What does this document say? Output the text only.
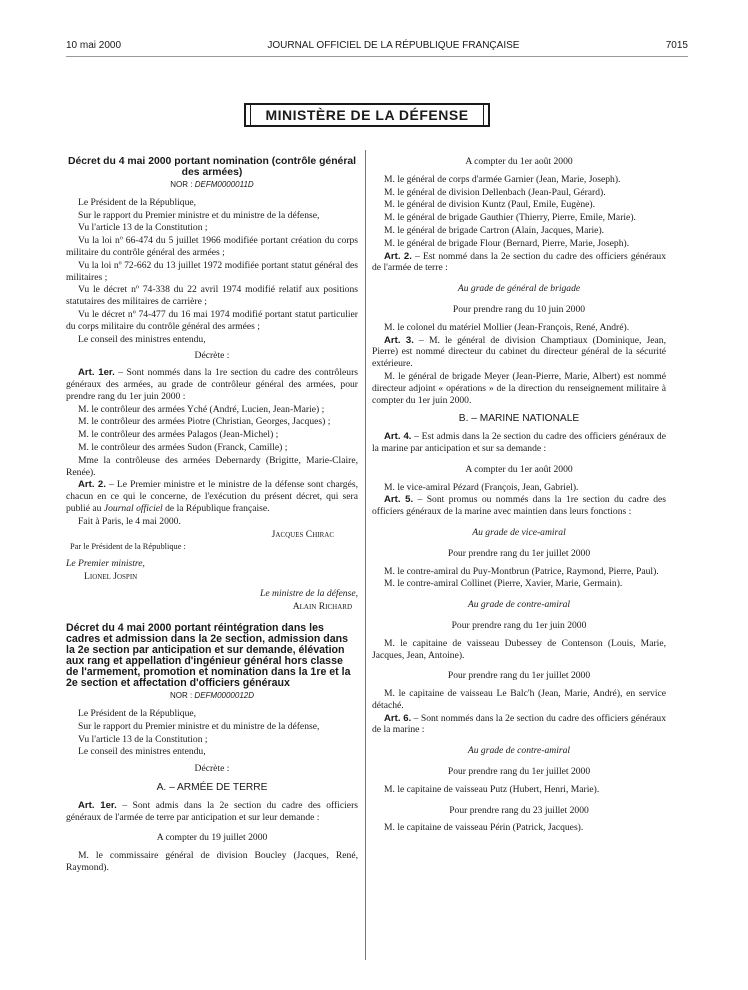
10 mai 2000	JOURNAL OFFICIEL DE LA RÉPUBLIQUE FRANÇAISE	7015
MINISTÈRE DE LA DÉFENSE

Décret du 4 mai 2000 portant nomination (contrôle général des armées)

NOR : DEFM0000011D

Le Président de la République,

Sur le rapport du Premier ministre et du ministre de la défense,

Vu l'article 13 de la Constitution ;

Vu la loi nº 66-474 du 5 juillet 1966 modifiée portant création du corps militaire du contrôle général des armées ;

Vu la loi nº 72-662 du 13 juillet 1972 modifiée portant statut général des militaires ;

Vu le décret nº 74-338 du 22 avril 1974 modifié relatif aux positions statutaires des militaires de carrière ;

Vu le décret nº 74-477 du 16 mai 1974 modifié portant statut particulier du corps militaire du contrôle général des armées ;

Le conseil des ministres entendu,

Décrète :

Art. 1er. – Sont nommés dans la 1re section du cadre des contrôleurs généraux des armées, au grade de contrôleur général des armées, pour prendre rang du 1er juin 2000 :

M. le contrôleur des armées Yché (André, Lucien, Jean-Marie) ;

M. le contrôleur des armées Piotre (Christian, Georges, Jacques) ;

M. le contrôleur des armées Palagos (Jean-Michel) ;

M. le contrôleur des armées Sudon (Franck, Camille) ;

Mme la contrôleuse des armées Debernardy (Brigitte, Marie-Claire, Renée).

Art. 2. – Le Premier ministre et le ministre de la défense sont chargés, chacun en ce qui le concerne, de l'exécution du présent décret, qui sera publié au Journal officiel de la République française.

Fait à Paris, le 4 mai 2000.

Jacques Chirac

Par le Président de la République :

Le Premier ministre,

Lionel Jospin

Le ministre de la défense,

Alain Richard

Décret du 4 mai 2000 portant réintégration dans les cadres et admission dans la 2e section, admission dans la 2e section par anticipation et sur demande, élévation aux rang et appellation d'ingénieur général hors classe de l'armement, promotion et nomination dans la 1re et la 2e section et affectation d'officiers généraux

NOR : DEFM0000012D

Le Président de la République,

Sur le rapport du Premier ministre et du ministre de la défense,

Vu l'article 13 de la Constitution ;

Le conseil des ministres entendu,

Décrète :

A. – ARMÉE DE TERRE

Art. 1er. – Sont admis dans la 2e section du cadre des officiers généraux de l'armée de terre par anticipation et sur leur demande :

A compter du 19 juillet 2000

M. le commissaire général de division Boucley (Jacques, René, Raymond).

A compter du 1er août 2000

M. le général de corps d'armée Garnier (Jean, Marie, Joseph).

M. le général de division Dellenbach (Jean-Paul, Gérard).

M. le général de division Kuntz (Paul, Emile, Eugène).

M. le général de brigade Gauthier (Thierry, Pierre, Emile, Marie).

M. le général de brigade Cartron (Alain, Jacques, Marie).

M. le général de brigade Flour (Bernard, Pierre, Marie, Joseph).

Art. 2. – Est nommé dans la 2e section du cadre des officiers généraux de l'armée de terre :

Au grade de général de brigade

Pour prendre rang du 10 juin 2000

M. le colonel du matériel Mollier (Jean-François, René, André).

Art. 3. – M. le général de division Champtiaux (Dominique, Jean, Pierre) est nommé directeur du cabinet du directeur général de la sécurité extérieure.

M. le général de brigade Meyer (Jean-Pierre, Marie, Albert) est nommé directeur adjoint « opérations » de la direction du renseignement militaire à compter du 1er juin 2000.

B. – MARINE NATIONALE

Art. 4. – Est admis dans la 2e section du cadre des officiers généraux de la marine par anticipation et sur sa demande :

A compter du 1er août 2000

M. le vice-amiral Pézard (François, Jean, Gabriel).

Art. 5. – Sont promus ou nommés dans la 1re section du cadre des officiers généraux de la marine avec maintien dans leurs fonctions :

Au grade de vice-amiral

Pour prendre rang du 1er juillet 2000

M. le contre-amiral du Puy-Montbrun (Patrice, Raymond, Pierre, Paul).

M. le contre-amiral Collinet (Pierre, Xavier, Marie, Germain).

Au grade de contre-amiral

Pour prendre rang du 1er juin 2000

M. le capitaine de vaisseau Dubessey de Contenson (Louis, Marie, Jacques, Jean, Antoine).

Pour prendre rang du 1er juillet 2000

M. le capitaine de vaisseau Le Balc'h (Jean, Marie, André), en service détaché.

Art. 6. – Sont nommés dans la 2e section du cadre des officiers généraux de la marine :

Au grade de contre-amiral

Pour prendre rang du 1er juillet 2000

M. le capitaine de vaisseau Putz (Hubert, Henri, Marie).

Pour prendre rang du 23 juillet 2000

M. le capitaine de vaisseau Périn (Patrick, Jacques).
